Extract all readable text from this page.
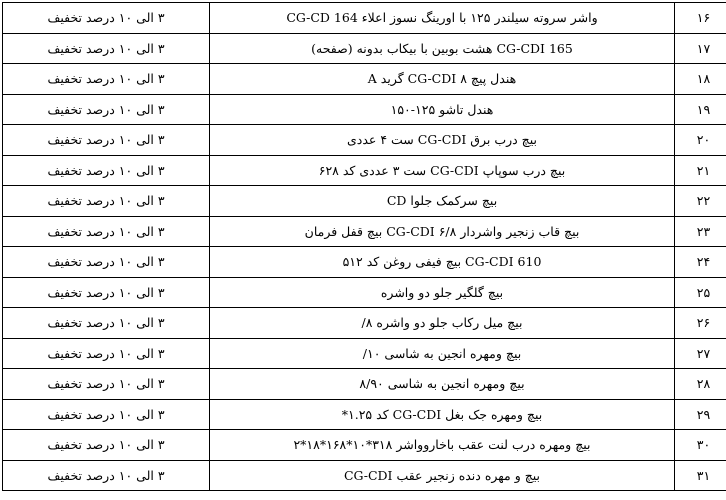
۱۶	واشر سروته سیلندر ۱۲۵ با اورینگ نسوز اعلاء CG-CD 164	۳ الی ۱۰ درصد تخفیف
۱۷	CG-CDI 165 هشت بوبین با بیکاب بدونه (صفحه)	۳ الی ۱۰ درصد تخفیف
۱۸	هندل پیچ ۸ CG-CDI گرید A	۳ الی ۱۰ درصد تخفیف
۱۹	هندل تاشو ۱۲۵-۱۵۰	۳ الی ۱۰ درصد تخفیف
۲۰	بیچ درب برق CG-CDI ست ۴ عددی	۳ الی ۱۰ درصد تخفیف
۲۱	بیچ درب سوپاپ CG-CDI ست ۳ عددی کد ۶۲۸	۳ الی ۱۰ درصد تخفیف
۲۲	بیچ سرکمک جلوا CD	۳ الی ۱۰ درصد تخفیف
۲۳	بیچ قاب زنجیر واشردار ۶/۸ CG-CDI بیچ قفل فرمان	۳ الی ۱۰ درصد تخفیف
۲۴	CG-CDI 610 بیچ فیفی روغن کد ۵۱۲	۳ الی ۱۰ درصد تخفیف
۲۵	بیچ گلگیر جلو دو واشره	۳ الی ۱۰ درصد تخفیف
۲۶	بیچ میل رکاب جلو دو واشره ۸/	۳ الی ۱۰ درصد تخفیف
۲۷	بیچ ومهره انجین به شاسی ۱۰/	۳ الی ۱۰ درصد تخفیف
۲۸	بیچ ومهره انجین به شاسی ۸/۹۰	۳ الی ۱۰ درصد تخفیف
۲۹	بیچ ومهره جک بغل CG-CDI کد ۱.۲۵*	۳ الی ۱۰ درصد تخفیف
۳۰	بیچ ومهره درب لنت عقب باخاروواشر ۳۱۸*۱۰*۱۶۸*۱۸*۲	۳ الی ۱۰ درصد تخفیف
۳۱	بیچ و مهره دنده زنجیر عقب CG-CDI	۳ الی ۱۰ درصد تخفیف
